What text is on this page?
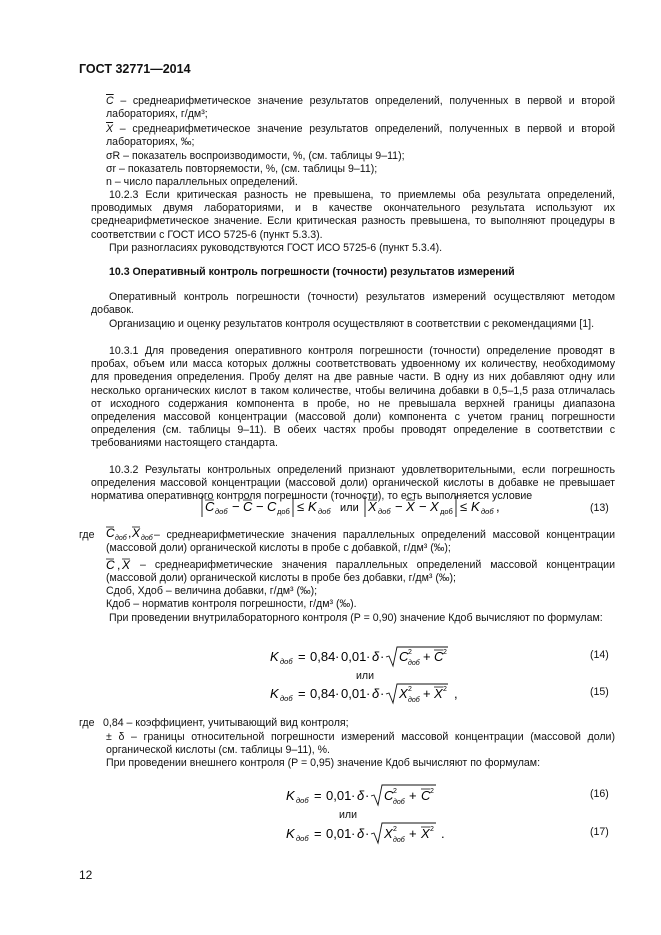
ГОСТ 32771—2014
С – среднеарифметическое значение результатов определений, полученных в первой и второй лабораториях, г/дм³;
Х – среднеарифметическое значение результатов определений, полученных в первой и второй лабораториях, ‰;
σR – показатель воспроизводимости, %, (см. таблицы 9–11);
σr – показатель повторяемости, %, (см. таблицы 9–11);
n – число параллельных определений.
10.2.3 Если критическая разность не превышена, то приемлемы оба результата определений, проводимых двумя лабораториями, и в качестве окончательного результата используют их среднеарифметическое значение. Если критическая разность превышена, то выполняют процедуры в соответствии с ГОСТ ИСО 5725-6 (пункт 5.3.3).
При разногласиях руководствуются ГОСТ ИСО 5725-6 (пункт 5.3.4).
10.3 Оперативный контроль погрешности (точности) результатов измерений
Оперативный контроль погрешности (точности) результатов измерений осуществляют методом добавок.
Организацию и оценку результатов контроля осуществляют в соответствии с рекомендациями [1].
10.3.1 Для проведения оперативного контроля погрешности (точности) определение проводят в пробах, объем или масса которых должны соответствовать удвоенному их количеству, необходимому для проведения определения. Пробу делят на две равные части. В одну из них добавляют одну или несколько органических кислот в таком количестве, чтобы величина добавки в 0,5–1,5 раза отличалась от исходного содержания компонента в пробе, но не превышала верхней границы диапазона определения массовой концентрации (массовой доли) компонента с учетом границ погрешности определения (см. таблицы 9–11). В обеих частях пробы проводят определение в соответствии с требованиями настоящего стандарта.
10.3.2 Результаты контрольных определений признают удовлетворительными, если погрешность определения массовой концентрации (массовой доли) органической кислоты в добавке не превышает норматива оперативного контроля погрешности (точности), то есть выполняется условие
C доб − C − C доб ≤ K доб или X доб − X − X доб ≤ K доб ,	(13)
где C доб , X доб – среднеарифметические значения параллельных определений массовой концентрации (массовой доли) органической кислоты в пробе с добавкой, г/дм³ (‰);
C , X – среднеарифметические значения параллельных определений массовой концентрации (массовой доли) органической кислоты в пробе без добавки, г/дм³ (‰);
Сдоб, Хдоб – величина добавки, г/дм³ (‰);
Кдоб – норматив контроля погрешности, г/дм³ (‰).
При проведении внутрилабораторного контроля (P = 0,90) значение Кдоб вычисляют по формулам:
K доб = 0,84 · 0,01 · δ · C 2
доб + C 2	(14)
или
K доб = 0,84 · 0,01 · δ · X 2
доб + X 2 ,	(15)
где 0,84 – коэффициент, учитывающий вид контроля;
± δ – границы относительной погрешности измерений массовой концентрации (массовой доли) органической кислоты (см. таблицы 9–11), %.
При проведении внешнего контроля (P = 0,95) значение Кдоб вычисляют по формулам:
K доб = 0,01 · δ · C 2
доб + C 2	(16)
или
K доб = 0,01 · δ · X 2
доб + X 2 .	(17)
12
